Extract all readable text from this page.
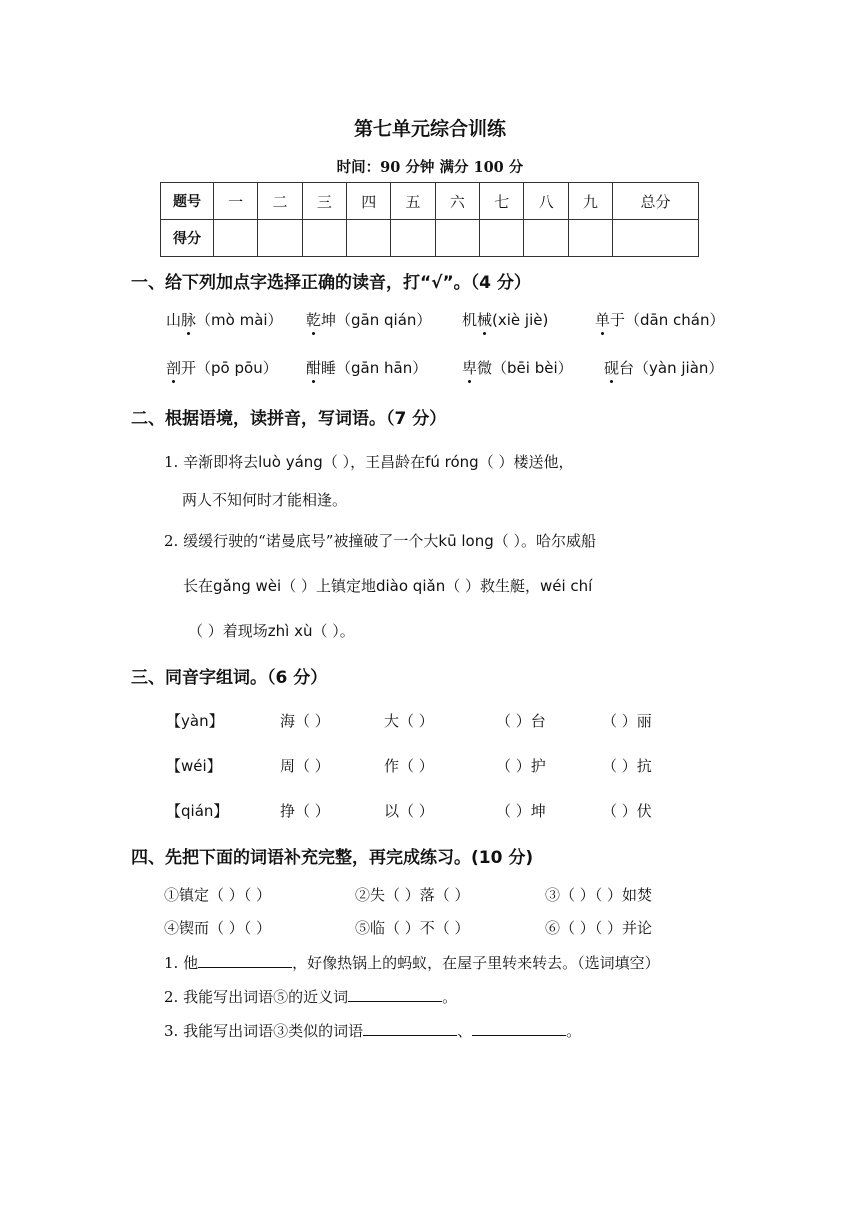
第七单元综合训练
时间：90 分钟 满分 100 分
题号	一	二	三	四	五	六	七	八	九	总分
得分										
一、给下列加点字选择正确的读音，打“√”。（4 分）
山脉（mò mài） 乾坤（gān qián） 机械(xiè jiè)	单于（dān chán）
剖开（pō pōu） 酣睡（gān hān） 卑微（bēi bèi） 砚台（yàn jiàn）
二、根据语境，读拼音，写词语。（7 分）
1. 辛渐即将去luò yáng（ ），王昌龄在fú róng（ ）楼送他，
两人不知何时才能相逢。
2. 缓缓行驶的“诺曼底号”被撞破了一个大kū long（ ）。哈尔威船
长在gǎng wèi（ ）上镇定地diào qiǎn（ ）救生艇，wéi chí
（ ）着现场zhì xù（ ）。
三、同音字组词。（6 分）
【yàn】	海（ ）	大（ ）	（ ）台	（ ）丽
【wéi】	周（ ）	作（ ）	（ ）护	（ ）抗
【qián】	挣（ ）	以（ ）	（ ）坤	（ ）伏
四、先把下面的词语补充完整，再完成练习。(10 分)
①镇定（ ）（ ）	②失（ ）落（ ）	③（ ）（ ）如焚
④锲而（ ）（ ）	⑤临（ ）不（ ）	⑥（ ）（ ）并论
1. 他	，好像热锅上的蚂蚁，在屋子里转来转去。（选词填空）
2. 我能写出词语⑤的近义词	。
3. 我能写出词语③类似的词语	、	。
